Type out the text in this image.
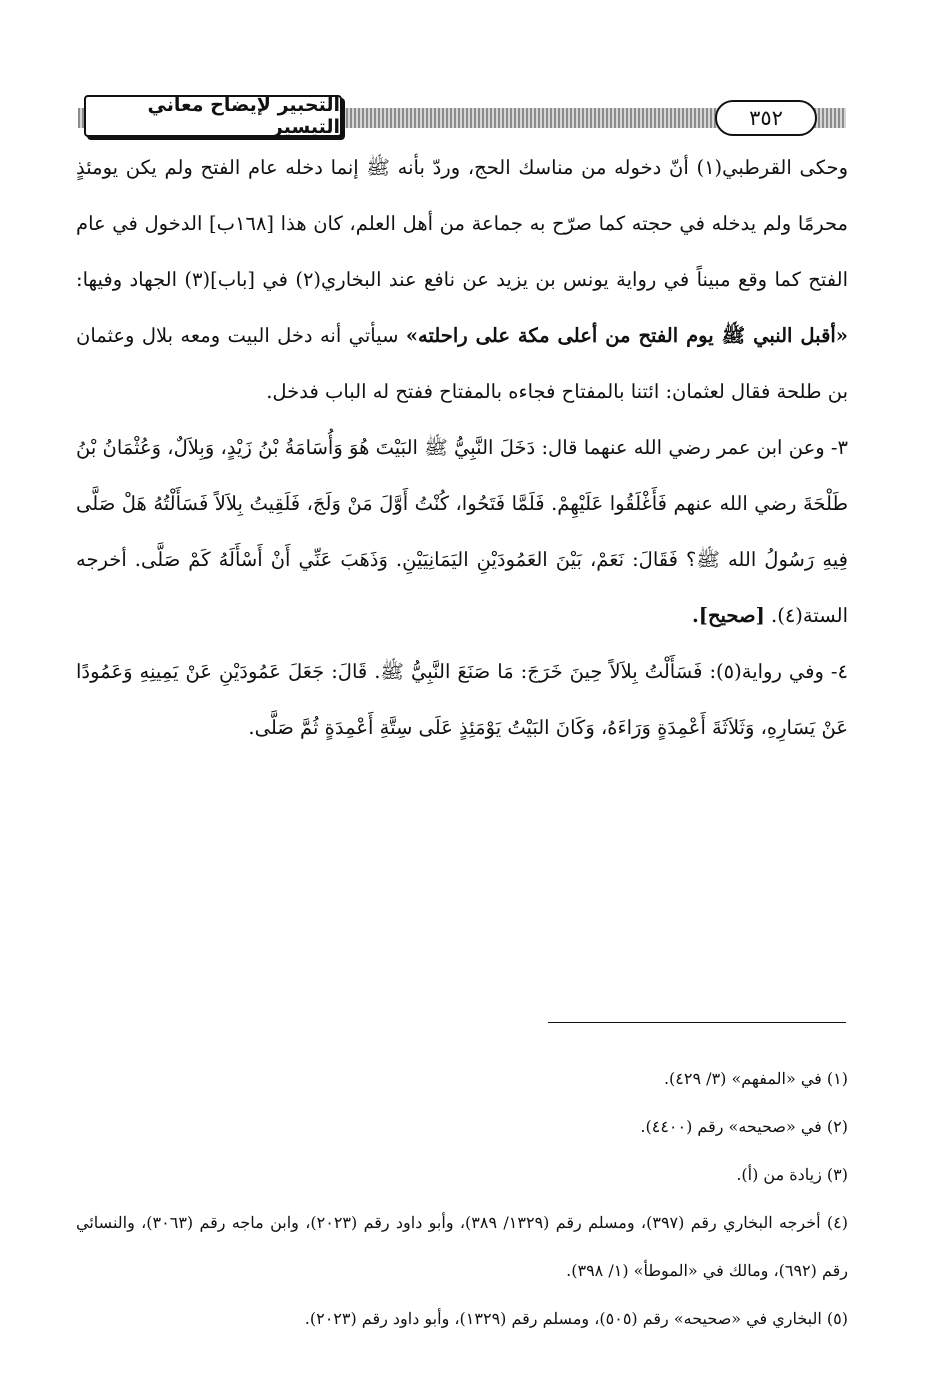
التحبير لإيضاح معاني التيسير	٣٥٢

وحكى القرطبي(١) أنّ دخوله من مناسك الحج، وردّ بأنه ﷺ إنما دخله عام الفتح ولم يكن يومئذٍ محرمًا ولم يدخله في حجته كما صرّح به جماعة من أهل العلم، كان هذا [١٦٨ب] الدخول في عام الفتح كما وقع مبيناً في رواية يونس بن يزيد عن نافع عند البخاري(٢) في [باب](٣) الجهاد وفيها: «أقبل النبي ﷺ يوم الفتح من أعلى مكة على راحلته» سيأتي أنه دخل البيت ومعه بلال وعثمان بن طلحة فقال لعثمان: ائتنا بالمفتاح فجاءه بالمفتاح ففتح له الباب فدخل.

٣- وعن ابن عمر رضي الله عنهما قال: دَخَلَ النَّبِيُّ ﷺ البَيْتَ هُوَ وَأُسَامَةُ بْنُ زَيْدٍ، وَبِلاَلٌ، وَعُثْمَانُ بْنُ طَلْحَةَ رضي الله عنهم فَأَغْلَقُوا عَلَيْهِمْ. فَلَمَّا فَتَحُوا، كُنْتُ أَوَّلَ مَنْ وَلَجَ، فَلَقِيتُ بِلاَلاً فَسَأَلْتُهُ هَلْ صَلَّى فِيهِ رَسُولُ الله ﷺ؟ فَقَالَ: نَعَمْ، بَيْنَ العَمُودَيْنِ اليَمَانِيَيْنِ. وَذَهَبَ عَنِّي أَنْ أَسْأَلَهُ كَمْ صَلَّى. أخرجه الستة(٤). [صحيح].

٤- وفي رواية(٥): فَسَأَلْتُ بِلاَلاً حِينَ خَرَجَ: مَا صَنَعَ النَّبِيُّ ﷺ. قَالَ: جَعَلَ عَمُودَيْنِ عَنْ يَمِينِهِ وَعَمُودًا عَنْ يَسَارِهِ، وَثَلاَثَةَ أَعْمِدَةٍ وَرَاءَهُ، وَكَانَ البَيْتُ يَوْمَئِذٍ عَلَى سِتَّةِ أَعْمِدَةٍ ثُمَّ صَلَّى.

(١) في «المفهم» (٣/ ٤٢٩).

(٢) في «صحيحه» رقم (٤٤٠٠).

(٣) زيادة من (أ).

(٤) أخرجه البخاري رقم (٣٩٧)، ومسلم رقم (١٣٢٩/ ٣٨٩)، وأبو داود رقم (٢٠٢٣)، وابن ماجه رقم (٣٠٦٣)، والنسائي رقم (٦٩٢)، ومالك في «الموطأ» (١/ ٣٩٨).

(٥) البخاري في «صحيحه» رقم (٥٠٥)، ومسلم رقم (١٣٢٩)، وأبو داود رقم (٢٠٢٣).
